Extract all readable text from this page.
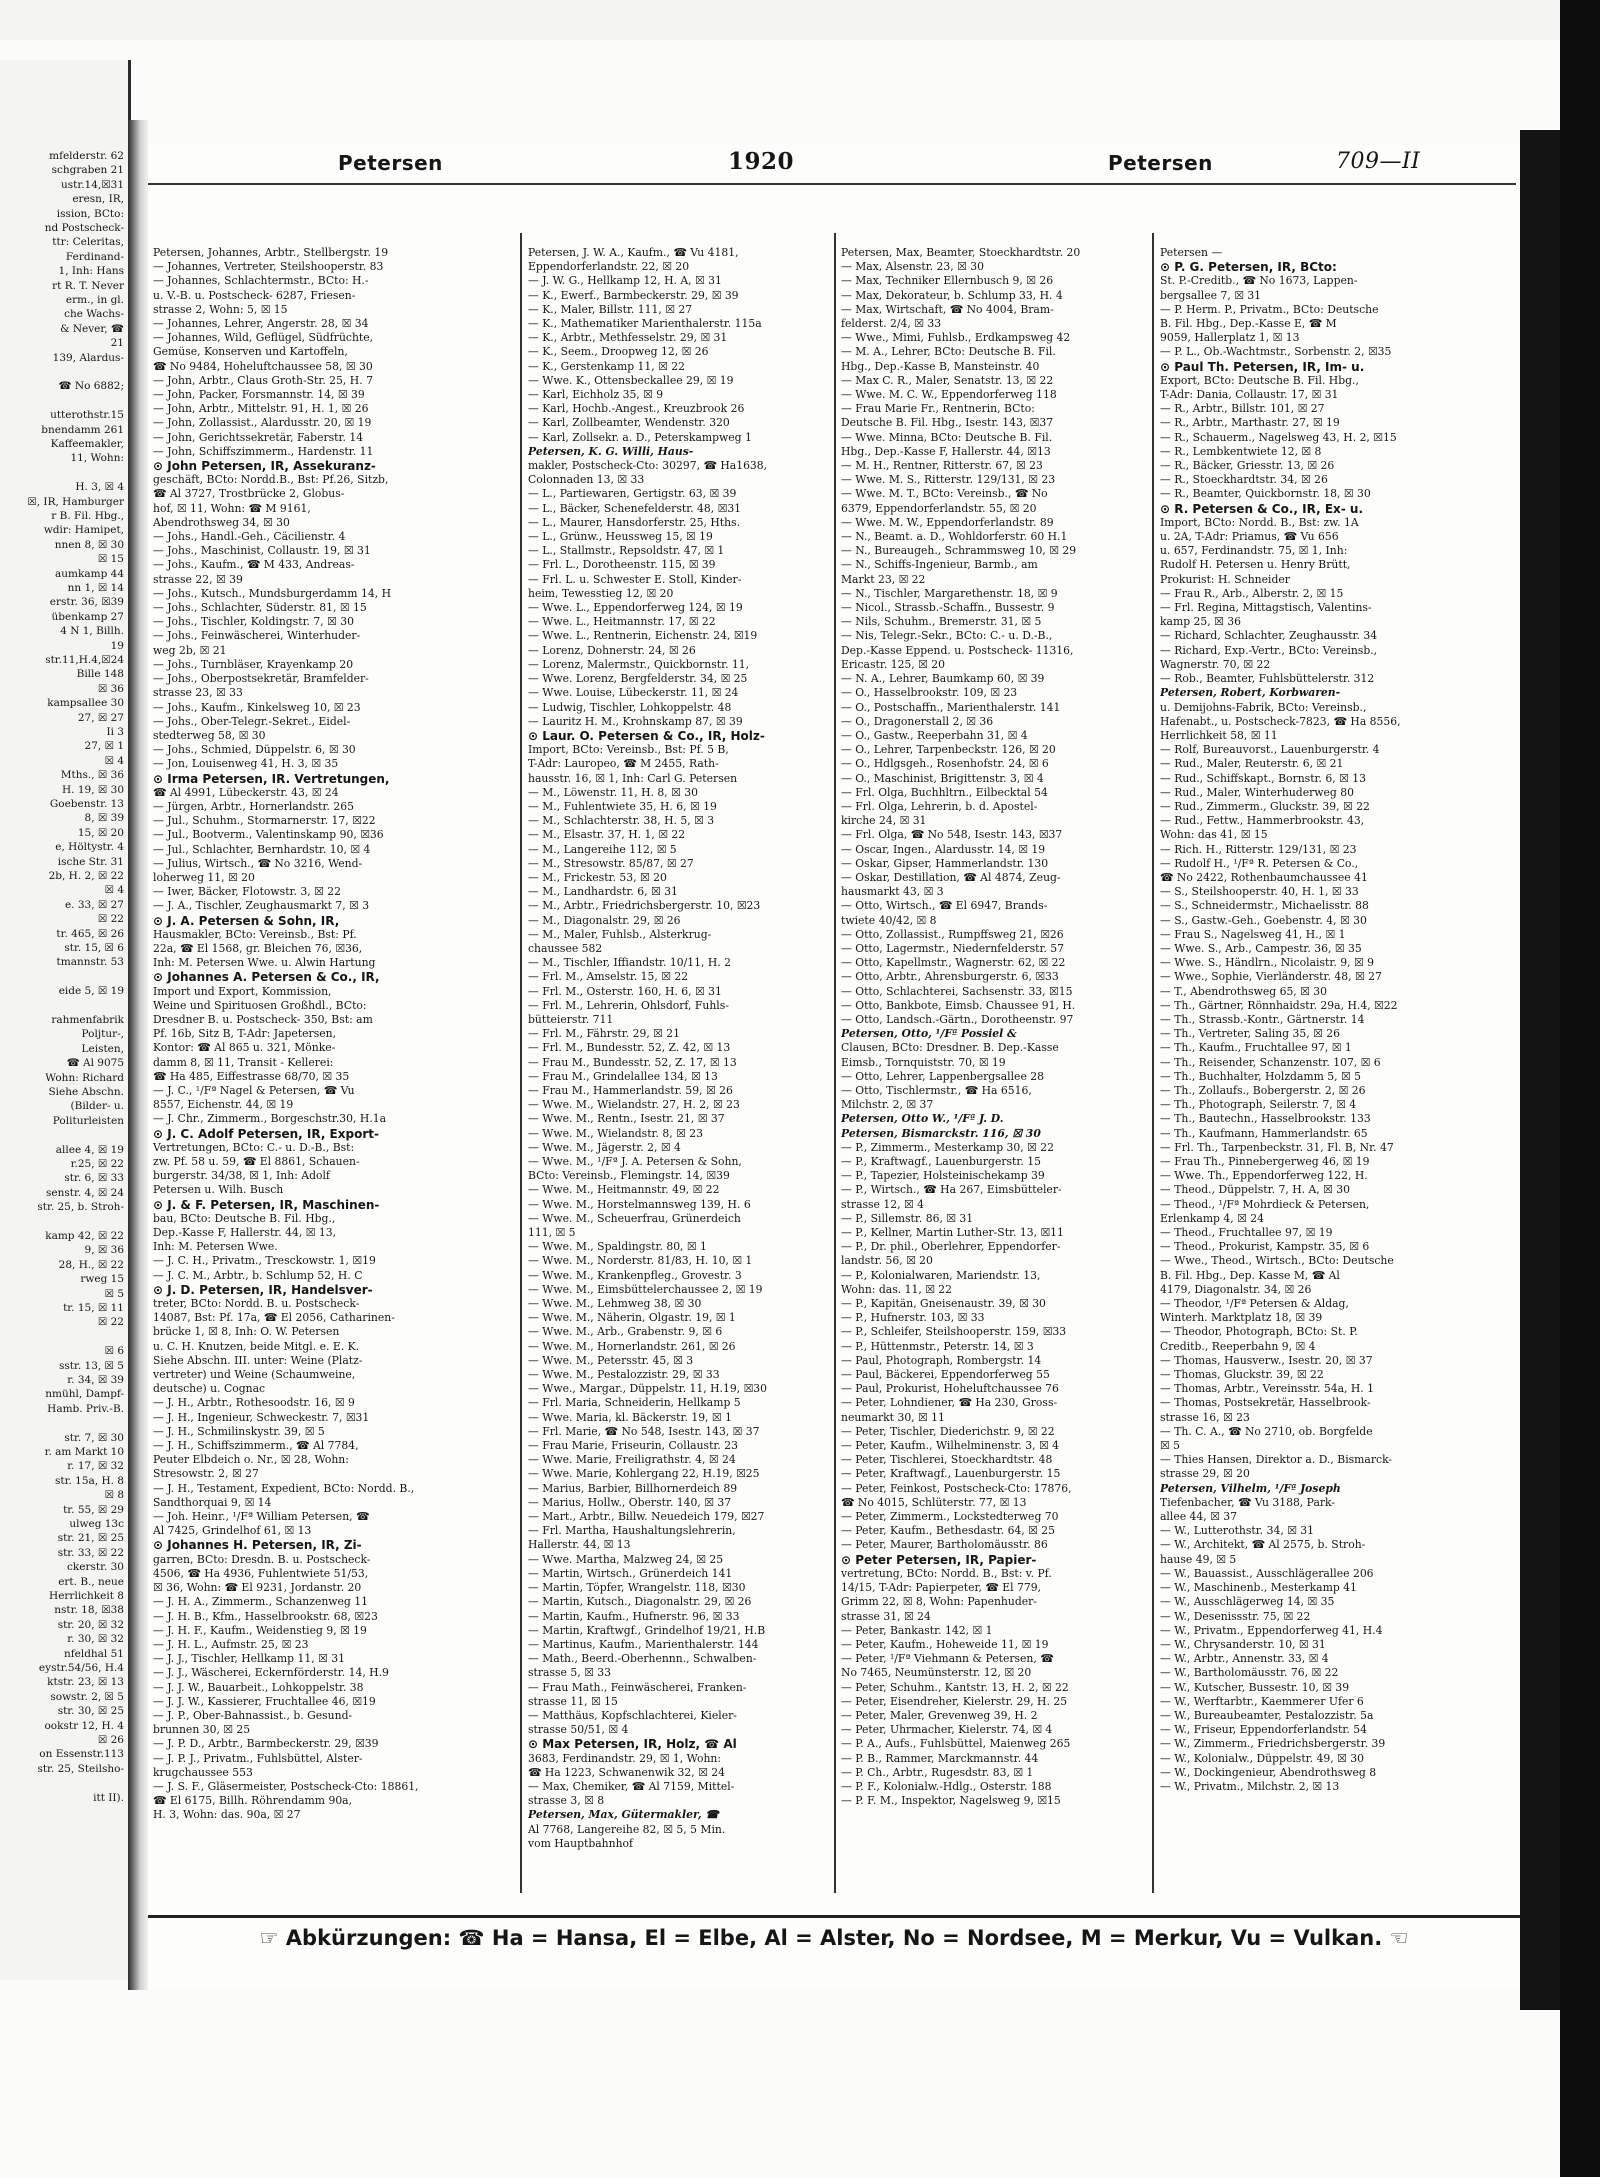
mfelderstr. 62
schgraben 21
ustr.14,☒31
eresn, IR,
ission, BCto:
nd Postscheck-
ttr: Celeritas,
Ferdinand-
1, Inh: Hans
rt R. T. Never
erm., in gl.
che Wachs-
& Never, ☎
21
139, Alardus-
☎ No 6882;
utterothstr.15
bnendamm 261
Kaffeemakler,
11, Wohn:
H. 3, ☒ 4
☒, IR, Hamburger
r B. Fil. Hbg.,
wdir: Hamipet,
nnen 8, ☒ 30
☒ 15
aumkamp 44
nn 1, ☒ 14
erstr. 36, ☒39
übenkamp 27
4 N 1, Billh.
19
str.11,H.4,☒24
Bille 148
☒ 36
kampsallee 30
27, ☒ 27
Ii 3
27, ☒ 1
☒ 4
Mths., ☒ 36
H. 19, ☒ 30
Goebenstr. 13
8, ☒ 39
15, ☒ 20
e, Höltystr. 4
ische Str. 31
2b, H. 2, ☒ 22
☒ 4
e. 33, ☒ 27
☒ 22
tr. 465, ☒ 26
str. 15, ☒ 6
tmannstr. 53
eide 5, ☒ 19
rahmenfabrik
Poljtur-,
Leisten,
☎ Al 9075
Wohn: Richard
Siehe Abschn.
(Bilder- u.
Politurleisten
allee 4, ☒ 19
r.25, ☒ 22
str. 6, ☒ 33
senstr. 4, ☒ 24
str. 25, b. Stroh-
kamp 42, ☒ 22
9, ☒ 36
28, H., ☒ 22
rweg 15
☒ 5
tr. 15, ☒ 11
☒ 22
☒ 6
sstr. 13, ☒ 5
r. 34, ☒ 39
nmühl, Dampf-
Hamb. Priv.-B.
str. 7, ☒ 30
r. am Markt 10
r. 17, ☒ 32
str. 15a, H. 8
☒ 8
tr. 55, ☒ 29
ulweg 13c
str. 21, ☒ 25
str. 33, ☒ 22
ckerstr. 30
ert. B., neue
Herrlichkeit 8
nstr. 18, ☒38
str. 20, ☒ 32
r. 30, ☒ 32
nfeldhal 51
eystr.54/56, H.4
ktstr. 23, ☒ 13
sowstr. 2, ☒ 5
str. 30, ☒ 25
ookstr 12, H. 4
☒ 26
on Essenstr.113
str. 25, Steilsho-
itt II).
Petersen	1920	Petersen	709—II
Petersen, Johannes, Arbtr., Stellbergstr. 19
— Johannes, Vertreter, Steilshooperstr. 83
— Johannes, Schlachtermstr., BCto: H.-
u. V.-B. u. Postscheck- 6287, Friesen-
strasse 2, Wohn: 5, ☒ 15
— Johannes, Lehrer, Angerstr. 28, ☒ 34
— Johannes, Wild, Geflügel, Südfrüchte,
Gemüse, Konserven und Kartoffeln,
☎ No 9484, Hoheluftchaussee 58, ☒ 30
— John, Arbtr., Claus Groth-Str. 25, H. 7
— John, Packer, Forsmannstr. 14, ☒ 39
— John, Arbtr., Mittelstr. 91, H. 1, ☒ 26
— John, Zollassist., Alardusstr. 20, ☒ 19
— John, Gerichtssekretär, Faberstr. 14
— John, Schiffszimmerm., Hardenstr. 11
⊙ John Petersen, IR, Assekuranz-
geschäft, BCto: Nordd.B., Bst: Pf.26, Sitzb,
☎ Al 3727, Trostbrücke 2, Globus-
hof, ☒ 11, Wohn: ☎ M 9161,
Abendrothsweg 34, ☒ 30
— Johs., Handl.-Geh., Cäcilienstr. 4
— Johs., Maschinist, Collaustr. 19, ☒ 31
— Johs., Kaufm., ☎ M 433, Andreas-
strasse 22, ☒ 39
— Johs., Kutsch., Mundsburgerdamm 14, H
— Johs., Schlachter, Süderstr. 81, ☒ 15
— Johs., Tischler, Koldingstr. 7, ☒ 30
— Johs., Feinwäscherei, Winterhuder-
weg 2b, ☒ 21
— Johs., Turnbläser, Krayenkamp 20
— Johs., Oberpostsekretär, Bramfelder-
strasse 23, ☒ 33
— Johs., Kaufm., Kinkelsweg 10, ☒ 23
— Johs., Ober-Telegr.-Sekret., Eidel-
stedterweg 58, ☒ 30
— Johs., Schmied, Düppelstr. 6, ☒ 30
— Jon, Louisenweg 41, H. 3, ☒ 35
⊙ Irma Petersen, IR. Vertretungen,
☎ Al 4991, Lübeckerstr. 43, ☒ 24
— Jürgen, Arbtr., Hornerlandstr. 265
— Jul., Schuhm., Stormarnerstr. 17, ☒22
— Jul., Bootverm., Valentinskamp 90, ☒36
— Jul., Schlachter, Bernhardstr. 10, ☒ 4
— Julius, Wirtsch., ☎ No 3216, Wend-
loherweg 11, ☒ 20
— Iwer, Bäcker, Flotowstr. 3, ☒ 22
— J. A., Tischler, Zeughausmarkt 7, ☒ 3
⊙ J. A. Petersen & Sohn, IR,
Hausmakler, BCto: Vereinsb., Bst: Pf.
22a, ☎ El 1568, gr. Bleichen 76, ☒36,
Inh: M. Petersen Wwe. u. Alwin Hartung
⊙ Johannes A. Petersen & Co., IR,
Import und Export, Kommission,
Weine und Spirituosen Großhdl., BCto:
Dresdner B. u. Postscheck- 350, Bst: am
Pf. 16b, Sitz B, T-Adr: Japetersen,
Kontor: ☎ Al 865 u. 321, Mönke-
damm 8, ☒ 11, Transit - Kellerei:
☎ Ha 485, Eiffestrasse 68/70, ☒ 35
— J. C., ¹/Fª Nagel & Petersen, ☎ Vu
8557, Eichenstr. 44, ☒ 19
— J. Chr., Zimmerm., Borgeschstr.30, H.1a
⊙ J. C. Adolf Petersen, IR, Export-
Vertretungen, BCto: C.- u. D.-B., Bst:
zw. Pf. 58 u. 59, ☎ El 8861, Schauen-
burgerstr. 34/38, ☒ 1, Inh: Adolf
Petersen u. Wilh. Busch
⊙ J. & F. Petersen, IR, Maschinen-
bau, BCto: Deutsche B. Fil. Hbg.,
Dep.-Kasse F, Hallerstr. 44, ☒ 13,
Inh: M. Petersen Wwe.
— J. C. H., Privatm., Tresckowstr. 1, ☒19
— J. C. M., Arbtr., b. Schlump 52, H. C
⊙ J. D. Petersen, IR, Handelsver-
treter, BCto: Nordd. B. u. Postscheck-
14087, Bst: Pf. 17a, ☎ El 2056, Catharinen-
brücke 1, ☒ 8, Inh: O. W. Petersen
u. C. H. Knutzen, beide Mitgl. e. E. K.
Siehe Abschn. III. unter: Weine (Platz-
vertreter) und Weine (Schaumweine,
deutsche) u. Cognac
— J. H., Arbtr., Rothesoodstr. 16, ☒ 9
— J. H., Ingenieur, Schweckestr. 7, ☒31
— J. H., Schmilinskystr. 39, ☒ 5
— J. H., Schiffszimmerm., ☎ Al 7784,
Peuter Elbdeich o. Nr., ☒ 28, Wohn:
Stresowstr. 2, ☒ 27
— J. H., Testament, Expedient, BCto: Nordd. B.,
Sandthorquai 9, ☒ 14
— Joh. Heinr., ¹/Fª William Petersen, ☎
Al 7425, Grindelhof 61, ☒ 13
⊙ Johannes H. Petersen, IR, Zi-
garren, BCto: Dresdn. B. u. Postscheck-
4506, ☎ Ha 4936, Fuhlentwiete 51/53,
☒ 36, Wohn: ☎ El 9231, Jordanstr. 20
— J. H. A., Zimmerm., Schanzenweg 11
— J. H. B., Kfm., Hasselbrookstr. 68, ☒23
— J. H. F., Kaufm., Weidenstieg 9, ☒ 19
— J. H. L., Aufmstr. 25, ☒ 23
— J. J., Tischler, Hellkamp 11, ☒ 31
— J. J., Wäscherei, Eckernförderstr. 14, H.9
— J. J. W., Bauarbeit., Lohkoppelstr. 38
— J. J. W., Kassierer, Fruchtallee 46, ☒19
— J. P., Ober-Bahnassist., b. Gesund-
brunnen 30, ☒ 25
— J. P. D., Arbtr., Barmbeckerstr. 29, ☒39
— J. P. J., Privatm., Fuhlsbüttel, Alster-
krugchaussee 553
— J. S. F., Gläsermeister, Postscheck-Cto: 18861,
☎ El 6175, Billh. Röhrendamm 90a,
H. 3, Wohn: das. 90a, ☒ 27
Petersen, J. W. A., Kaufm., ☎ Vu 4181,
Eppendorferlandstr. 22, ☒ 20
— J. W. G., Hellkamp 12, H. A, ☒ 31
— K., Ewerf., Barmbeckerstr. 29, ☒ 39
— K., Maler, Billstr. 111, ☒ 27
— K., Mathematiker Marienthalerstr. 115a
— K., Arbtr., Methfesselstr. 29, ☒ 31
— K., Seem., Droopweg 12, ☒ 26
— K., Gerstenkamp 11, ☒ 22
— Wwe. K., Ottensbeckallee 29, ☒ 19
— Karl, Eichholz 35, ☒ 9
— Karl, Hochb.-Angest., Kreuzbrook 26
— Karl, Zollbeamter, Wendenstr. 320
— Karl, Zollsekr. a. D., Peterskampweg 1
Petersen, K. G. Willi, Haus-
makler, Postscheck-Cto: 30297, ☎ Ha1638,
Colonnaden 13, ☒ 33
— L., Partiewaren, Gertigstr. 63, ☒ 39
— L., Bäcker, Schenefelderstr. 48, ☒31
— L., Maurer, Hansdorferstr. 25, Hths.
— L., Grünw., Heussweg 15, ☒ 19
— L., Stallmstr., Repsoldstr. 47, ☒ 1
— Frl. L., Dorotheenstr. 115, ☒ 39
— Frl. L. u. Schwester E. Stoll, Kinder-
heim, Tewesstieg 12, ☒ 20
— Wwe. L., Eppendorferweg 124, ☒ 19
— Wwe. L., Heitmannstr. 17, ☒ 22
— Wwe. L., Rentnerin, Eichenstr. 24, ☒19
— Lorenz, Dohnerstr. 24, ☒ 26
— Lorenz, Malermstr., Quickbornstr. 11,
— Wwe. Lorenz, Bergfelderstr. 34, ☒ 25
— Wwe. Louise, Lübeckerstr. 11, ☒ 24
— Ludwig, Tischler, Lohkoppelstr. 48
— Lauritz H. M., Krohnskamp 87, ☒ 39
⊙ Laur. O. Petersen & Co., IR, Holz-
Import, BCto: Vereinsb., Bst: Pf. 5 B,
T-Adr: Lauropeo, ☎ M 2455, Rath-
hausstr. 16, ☒ 1, Inh: Carl G. Petersen
— M., Löwenstr. 11, H. 8, ☒ 30
— M., Fuhlentwiete 35, H. 6, ☒ 19
— M., Schlachterstr. 38, H. 5, ☒ 3
— M., Elsastr. 37, H. 1, ☒ 22
— M., Langereihe 112, ☒ 5
— M., Stresowstr. 85/87, ☒ 27
— M., Frickestr. 53, ☒ 20
— M., Landhardstr. 6, ☒ 31
— M., Arbtr., Friedrichsbergerstr. 10, ☒23
— M., Diagonalstr. 29, ☒ 26
— M., Maler, Fuhlsb., Alsterkrug-
chaussee 582
— M., Tischler, Iffiandstr. 10/11, H. 2
— Frl. M., Amselstr. 15, ☒ 22
— Frl. M., Osterstr. 160, H. 6, ☒ 31
— Frl. M., Lehrerin, Ohlsdorf, Fuhls-
bütteierstr. 711
— Frl. M., Fährstr. 29, ☒ 21
— Frl. M., Bundesstr. 52, Z. 42, ☒ 13
— Frau M., Bundesstr. 52, Z. 17, ☒ 13
— Frau M., Grindelallee 134, ☒ 13
— Frau M., Hammerlandstr. 59, ☒ 26
— Wwe. M., Wielandstr. 27, H. 2, ☒ 23
— Wwe. M., Rentn., Isestr. 21, ☒ 37
— Wwe. M., Wielandstr. 8, ☒ 23
— Wwe. M., Jägerstr. 2, ☒ 4
— Wwe. M., ¹/Fª J. A. Petersen & Sohn,
BCto: Vereinsb., Flemingstr. 14, ☒39
— Wwe. M., Heitmannstr. 49, ☒ 22
— Wwe. M., Horstelmannsweg 139, H. 6
— Wwe. M., Scheuerfrau, Grünerdeich
111, ☒ 5
— Wwe. M., Spaldingstr. 80, ☒ 1
— Wwe. M., Norderstr. 81/83, H. 10, ☒ 1
— Wwe. M., Krankenpfleg., Grovestr. 3
— Wwe. M., Eimsbüttelerchaussee 2, ☒ 19
— Wwe. M., Lehmweg 38, ☒ 30
— Wwe. M., Näherin, Olgastr. 19, ☒ 1
— Wwe. M., Arb., Grabenstr. 9, ☒ 6
— Wwe. M., Hornerlandstr. 261, ☒ 26
— Wwe. M., Petersstr. 45, ☒ 3
— Wwe. M., Pestalozzistr. 29, ☒ 33
— Wwe., Margar., Düppelstr. 11, H.19, ☒30
— Frl. Maria, Schneiderin, Hellkamp 5
— Wwe. Maria, kl. Bäckerstr. 19, ☒ 1
— Frl. Marie, ☎ No 548, Isestr. 143, ☒ 37
— Frau Marie, Friseurin, Collaustr. 23
— Wwe. Marie, Freiligrathstr. 4, ☒ 24
— Wwe. Marie, Kohlergang 22, H.19, ☒25
— Marius, Barbier, Billhornerdeich 89
— Marius, Hollw., Oberstr. 140, ☒ 37
— Mart., Arbtr., Billw. Neuedeich 179, ☒27
— Frl. Martha, Haushaltungslehrerin,
Hallerstr. 44, ☒ 13
— Wwe. Martha, Malzweg 24, ☒ 25
— Martin, Wirtsch., Grünerdeich 141
— Martin, Töpfer, Wrangelstr. 118, ☒30
— Martin, Kutsch., Diagonalstr. 29, ☒ 26
— Martin, Kaufm., Hufnerstr. 96, ☒ 33
— Martin, Kraftwgf., Grindelhof 19/21, H.B
— Martinus, Kaufm., Marienthalerstr. 144
— Math., Beerd.-Oberhennn., Schwalben-
strasse 5, ☒ 33
— Frau Math., Feinwäscherei, Franken-
strasse 11, ☒ 15
— Matthäus, Kopfschlachterei, Kieler-
strasse 50/51, ☒ 4
⊙ Max Petersen, IR, Holz, ☎ Al
3683, Ferdinandstr. 29, ☒ 1, Wohn:
☎ Ha 1223, Schwanenwik 32, ☒ 24
— Max, Chemiker, ☎ Al 7159, Mittel-
strasse 3, ☒ 8
Petersen, Max, Gütermakler, ☎
Al 7768, Langereihe 82, ☒ 5, 5 Min.
vom Hauptbahnhof
Petersen, Max, Beamter, Stoeckhardtstr. 20
— Max, Alsenstr. 23, ☒ 30
— Max, Techniker Ellernbusch 9, ☒ 26
— Max, Dekorateur, b. Schlump 33, H. 4
— Max, Wirtschaft, ☎ No 4004, Bram-
felderst. 2/4, ☒ 33
— Wwe., Mimi, Fuhlsb., Erdkampsweg 42
— M. A., Lehrer, BCto: Deutsche B. Fil.
Hbg., Dep.-Kasse B, Mansteinstr. 40
— Max C. R., Maler, Senatstr. 13, ☒ 22
— Wwe. M. C. W., Eppendorferweg 118
— Frau Marie Fr., Rentnerin, BCto:
Deutsche B. Fil. Hbg., Isestr. 143, ☒37
— Wwe. Minna, BCto: Deutsche B. Fil.
Hbg., Dep.-Kasse F, Hallerstr. 44, ☒13
— M. H., Rentner, Ritterstr. 67, ☒ 23
— Wwe. M. S., Ritterstr. 129/131, ☒ 23
— Wwe. M. T., BCto: Vereinsb., ☎ No
6379, Eppendorferlandstr. 55, ☒ 20
— Wwe. M. W., Eppendorferlandstr. 89
— N., Beamt. a. D., Wohldorferstr. 60 H.1
— N., Bureaugeh., Schrammsweg 10, ☒ 29
— N., Schiffs-Ingenieur, Barmb., am
Markt 23, ☒ 22
— N., Tischler, Margarethenstr. 18, ☒ 9
— Nicol., Strassb.-Schaffn., Bussestr. 9
— Nils, Schuhm., Bremerstr. 31, ☒ 5
— Nis, Telegr.-Sekr., BCto: C.- u. D.-B.,
Dep.-Kasse Eppend. u. Postscheck- 11316,
Ericastr. 125, ☒ 20
— N. A., Lehrer, Baumkamp 60, ☒ 39
— O., Hasselbrookstr. 109, ☒ 23
— O., Postschaffn., Marienthalerstr. 141
— O., Dragonerstall 2, ☒ 36
— O., Gastw., Reeperbahn 31, ☒ 4
— O., Lehrer, Tarpenbeckstr. 126, ☒ 20
— O., Hdlgsgeh., Rosenhofstr. 24, ☒ 6
— O., Maschinist, Brigittenstr. 3, ☒ 4
— Frl. Olga, Buchhltrn., Eilbecktal 54
— Frl. Olga, Lehrerin, b. d. Apostel-
kirche 24, ☒ 31
— Frl. Olga, ☎ No 548, Isestr. 143, ☒37
— Oscar, Ingen., Alardusstr. 14, ☒ 19
— Oskar, Gipser, Hammerlandstr. 130
— Oskar, Destillation, ☎ Al 4874, Zeug-
hausmarkt 43, ☒ 3
— Otto, Wirtsch., ☎ El 6947, Brands-
twiete 40/42, ☒ 8
— Otto, Zollassist., Rumpffsweg 21, ☒26
— Otto, Lagermstr., Niedernfelderstr. 57
— Otto, Kapellmstr., Wagnerstr. 62, ☒ 22
— Otto, Arbtr., Ahrensburgerstr. 6, ☒33
— Otto, Schlachterei, Sachsenstr. 33, ☒15
— Otto, Bankbote, Eimsb. Chaussee 91, H.
— Otto, Landsch.-Gärtn., Dorotheenstr. 97
Petersen, Otto, ¹/Fª Possiel &
Clausen, BCto: Dresdner. B. Dep.-Kasse
Eimsb., Tornquiststr. 70, ☒ 19
— Otto, Lehrer, Lappenbergsallee 28
— Otto, Tischlermstr., ☎ Ha 6516,
Milchstr. 2, ☒ 37
Petersen, Otto W., ¹/Fª J. D.
Petersen, Bismarckstr. 116, ☒ 30
— P., Zimmerm., Mesterkamp 30, ☒ 22
— P., Kraftwagf., Lauenburgerstr. 15
— P., Tapezier, Holsteinischekamp 39
— P., Wirtsch., ☎ Ha 267, Eimsbütteler-
strasse 12, ☒ 4
— P., Sillemstr. 86, ☒ 31
— P., Kellner, Martin Luther-Str. 13, ☒11
— P., Dr. phil., Oberlehrer, Eppendorfer-
landstr. 56, ☒ 20
— P., Kolonialwaren, Mariendstr. 13,
Wohn: das. 11, ☒ 22
— P., Kapitän, Gneisenaustr. 39, ☒ 30
— P., Hufnerstr. 103, ☒ 33
— P., Schleifer, Steilshooperstr. 159, ☒33
— P., Hüttenmstr., Peterstr. 14, ☒ 3
— Paul, Photograph, Rombergstr. 14
— Paul, Bäckerei, Eppendorferweg 55
— Paul, Prokurist, Hoheluftchaussee 76
— Peter, Lohndiener, ☎ Ha 230, Gross-
neumarkt 30, ☒ 11
— Peter, Tischler, Diederichstr. 9, ☒ 22
— Peter, Kaufm., Wilhelminenstr. 3, ☒ 4
— Peter, Tischlerei, Stoeckhardtstr. 48
— Peter, Kraftwagf., Lauenburgerstr. 15
— Peter, Feinkost, Postscheck-Cto: 17876,
☎ No 4015, Schlüterstr. 77, ☒ 13
— Peter, Zimmerm., Lockstedterweg 70
— Peter, Kaufm., Bethesdastr. 64, ☒ 25
— Peter, Maurer, Bartholomäusstr. 86
⊙ Peter Petersen, IR, Papier-
vertretung, BCto: Nordd. B., Bst: v. Pf.
14/15, T-Adr: Papierpeter, ☎ El 779,
Grimm 22, ☒ 8, Wohn: Papenhuder-
strasse 31, ☒ 24
— Peter, Bankastr. 142, ☒ 1
— Peter, Kaufm., Hoheweide 11, ☒ 19
— Peter, ¹/Fª Viehmann & Petersen, ☎
No 7465, Neumünsterstr. 12, ☒ 20
— Peter, Schuhm., Kantstr. 13, H. 2, ☒ 22
— Peter, Eisendreher, Kielerstr. 29, H. 25
— Peter, Maler, Grevenweg 39, H. 2
— Peter, Uhrmacher, Kielerstr. 74, ☒ 4
— P. A., Aufs., Fuhlsbüttel, Maienweg 265
— P. B., Rammer, Marckmannstr. 44
— P. Ch., Arbtr., Rugesdstr. 83, ☒ 1
— P. F., Kolonialw.-Hdlg., Osterstr. 188
— P. F. M., Inspektor, Nagelsweg 9, ☒15
Petersen —
⊙ P. G. Petersen, IR, BCto:
St. P.-Creditb., ☎ No 1673, Lappen-
bergsallee 7, ☒ 31
— P. Herm. P., Privatm., BCto: Deutsche
B. Fil. Hbg., Dep.-Kasse E, ☎ M
9059, Hallerplatz 1, ☒ 13
— P. L., Ob.-Wachtmstr., Sorbenstr. 2, ☒35
⊙ Paul Th. Petersen, IR, Im- u.
Export, BCto: Deutsche B. Fil. Hbg.,
T-Adr: Dania, Collaustr. 17, ☒ 31
— R., Arbtr., Billstr. 101, ☒ 27
— R., Arbtr., Marthastr. 27, ☒ 19
— R., Schauerm., Nagelsweg 43, H. 2, ☒15
— R., Lembkentwiete 12, ☒ 8
— R., Bäcker, Griesstr. 13, ☒ 26
— R., Stoeckhardtstr. 34, ☒ 26
— R., Beamter, Quickbornstr. 18, ☒ 30
⊙ R. Petersen & Co., IR, Ex- u.
Import, BCto: Nordd. B., Bst: zw. 1A
u. 2A, T-Adr: Priamus, ☎ Vu 656
u. 657, Ferdinandstr. 75, ☒ 1, Inh:
Rudolf H. Petersen u. Henry Brütt,
Prokurist: H. Schneider
— Frau R., Arb., Alberstr. 2, ☒ 15
— Frl. Regina, Mittagstisch, Valentins-
kamp 25, ☒ 36
— Richard, Schlachter, Zeughausstr. 34
— Richard, Exp.-Vertr., BCto: Vereinsb.,
Wagnerstr. 70, ☒ 22
— Rob., Beamter, Fuhlsbüttelerstr. 312
Petersen, Robert, Korbwaren-
u. Demijohns-Fabrik, BCto: Vereinsb.,
Hafenabt., u. Postscheck-7823, ☎ Ha 8556,
Herrlichkeit 58, ☒ 11
— Rolf, Bureauvorst., Lauenburgerstr. 4
— Rud., Maler, Reuterstr. 6, ☒ 21
— Rud., Schiffskapt., Bornstr. 6, ☒ 13
— Rud., Maler, Winterhuderweg 80
— Rud., Zimmerm., Gluckstr. 39, ☒ 22
— Rud., Fettw., Hammerbrookstr. 43,
Wohn: das 41, ☒ 15
— Rich. H., Ritterstr. 129/131, ☒ 23
— Rudolf H., ¹/Fª R. Petersen & Co.,
☎ No 2422, Rothenbaumchaussee 41
— S., Steilshooperstr. 40, H. 1, ☒ 33
— S., Schneidermstr., Michaelisstr. 88
— S., Gastw.-Geh., Goebenstr. 4, ☒ 30
— Frau S., Nagelsweg 41, H., ☒ 1
— Wwe. S., Arb., Campestr. 36, ☒ 35
— Wwe. S., Händlrn., Nicolaistr. 9, ☒ 9
— Wwe., Sophie, Vierländerstr. 48, ☒ 27
— T., Abendrothsweg 65, ☒ 30
— Th., Gärtner, Rönnhaidstr. 29a, H.4, ☒22
— Th., Strassb.-Kontr., Gärtnerstr. 14
— Th., Vertreter, Saling 35, ☒ 26
— Th., Kaufm., Fruchtallee 97, ☒ 1
— Th., Reisender, Schanzenstr. 107, ☒ 6
— Th., Buchhalter, Holzdamm 5, ☒ 5
— Th., Zollaufs., Bobergerstr. 2, ☒ 26
— Th., Photograph, Seilerstr. 7, ☒ 4
— Th., Bautechn., Hasselbrookstr. 133
— Th., Kaufmann, Hammerlandstr. 65
— Frl. Th., Tarpenbeckstr. 31, Fl. B, Nr. 47
— Frau Th., Pinnebergerweg 46, ☒ 19
— Wwe. Th., Eppendorferweg 122, H.
— Theod., Düppelstr. 7, H. A, ☒ 30
— Theod., ¹/Fª Mohrdieck & Petersen,
Erlenkamp 4, ☒ 24
— Theod., Fruchtallee 97, ☒ 19
— Theod., Prokurist, Kampstr. 35, ☒ 6
— Wwe., Theod., Wirtsch., BCto: Deutsche
B. Fil. Hbg., Dep. Kasse M, ☎ Al
4179, Diagonalstr. 34, ☒ 26
— Theodor, ¹/Fª Petersen & Aldag,
Winterh. Marktplatz 18, ☒ 39
— Theodor, Photograph, BCto: St. P.
Creditb., Reeperbahn 9, ☒ 4
— Thomas, Hausverw., Isestr. 20, ☒ 37
— Thomas, Gluckstr. 39, ☒ 22
— Thomas, Arbtr., Vereinsstr. 54a, H. 1
— Thomas, Postsekretär, Hasselbrook-
strasse 16, ☒ 23
— Th. C. A., ☎ No 2710, ob. Borgfelde
☒ 5
— Thies Hansen, Direktor a. D., Bismarck-
strasse 29, ☒ 20
Petersen, Vilhelm, ¹/Fª Joseph
Tiefenbacher, ☎ Vu 3188, Park-
allee 44, ☒ 37
— W., Lutterothstr. 34, ☒ 31
— W., Architekt, ☎ Al 2575, b. Stroh-
hause 49, ☒ 5
— W., Bauassist., Ausschlägerallee 206
— W., Maschinenb., Mesterkamp 41
— W., Ausschlägerweg 14, ☒ 35
— W., Desenissstr. 75, ☒ 22
— W., Privatm., Eppendorferweg 41, H.4
— W., Chrysanderstr. 10, ☒ 31
— W., Arbtr., Annenstr. 33, ☒ 4
— W., Bartholomäusstr. 76, ☒ 22
— W., Kutscher, Bussestr. 10, ☒ 39
— W., Werftarbtr., Kaemmerer Ufer 6
— W., Bureaubeamter, Pestalozzistr. 5a
— W., Friseur, Eppendorferlandstr. 54
— W., Zimmerm., Friedrichsbergerstr. 39
— W., Kolonialw., Düppelstr. 49, ☒ 30
— W., Dockingenieur, Abendrothsweg 8
— W., Privatm., Milchstr. 2, ☒ 13
☞ Abkürzungen: ☎ Ha = Hansa, El = Elbe, Al = Alster, No = Nordsee, M = Merkur, Vu = Vulkan. ☜
